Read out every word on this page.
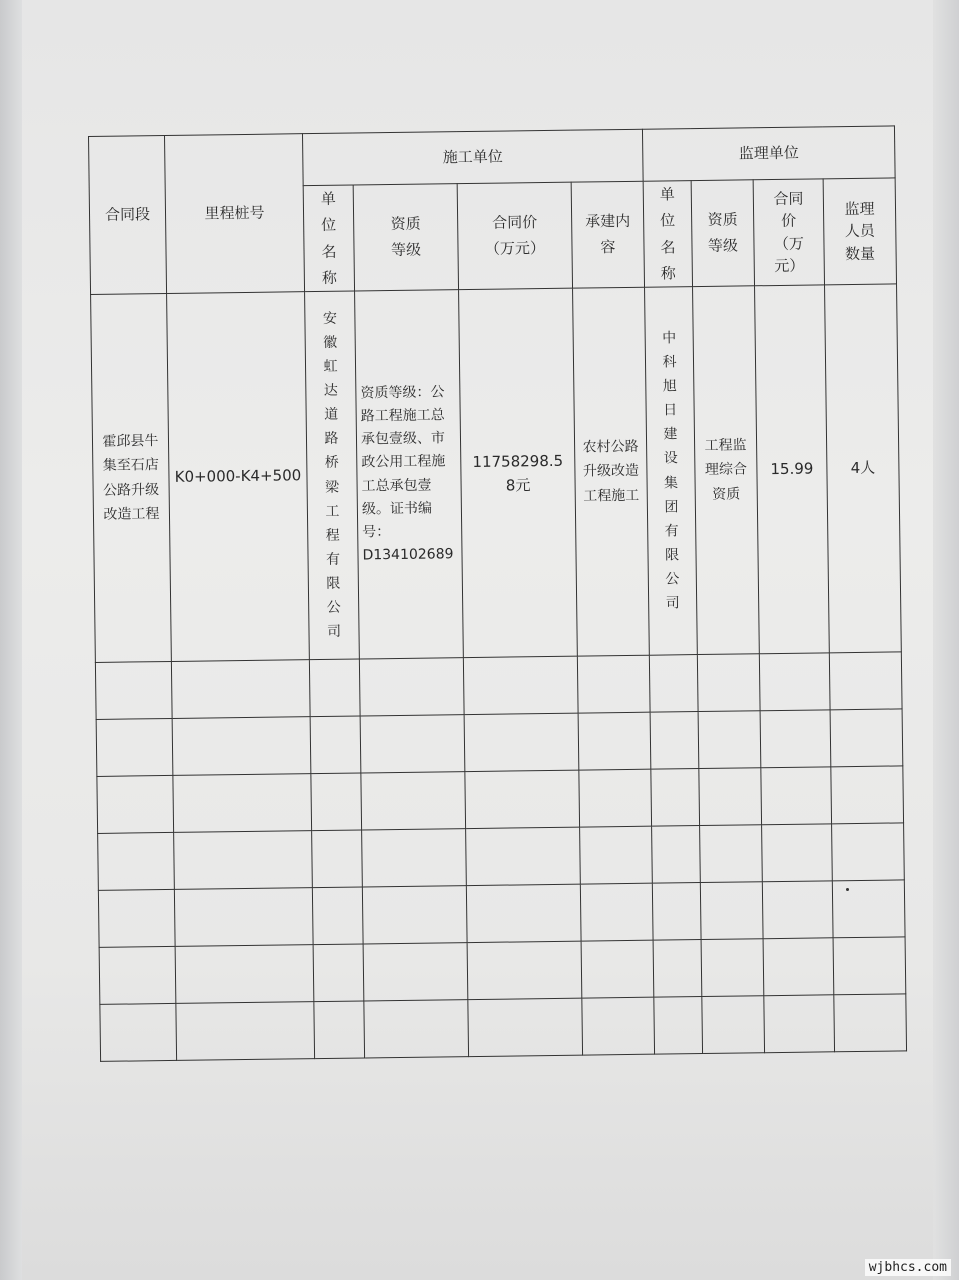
合同段	里程桩号	施工单位				监理单位			

		单位名称	资质等级	合同价（万元）	承建内容	单位名称	资质等级	合同价（万元）	监理人员数量

霍邱县牛集至石店公路升级改造工程	K0+000-K4+500	安徽虹达道路桥梁工程有限公司	资质等级：公路工程施工总承包壹级、市政公用工程施工总承包壹级。证书编号：D134102689	11758298.58元	农村公路升级改造工程施工	中科旭日建设集团有限公司	工程监理综合资质	15.99	4人

wjbhcs.com
